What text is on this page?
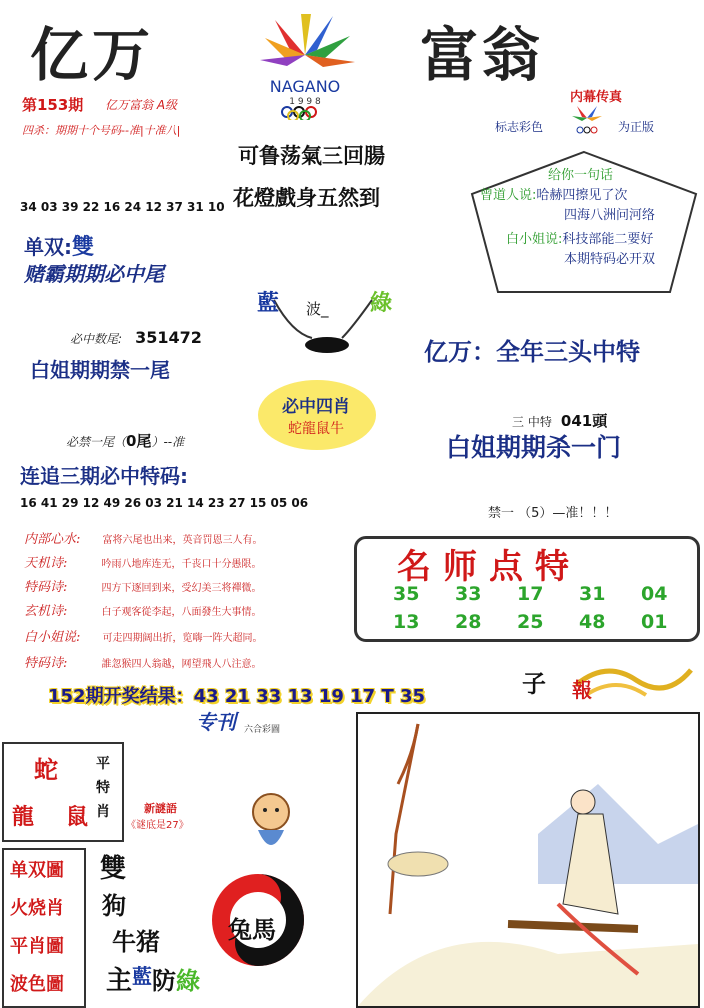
亿万	富翁
NAGANO
1 9 9 8
第153期 亿万富翁 A级
四杀：期期十个号码--准|十准八|
可鲁荡氣三回腸
花燈戲身五然到
内幕传真
标志彩色	为正版
给你一句话
曾道人说:哈赫四擦见了次
四海八洲问河络
白小姐说:科技部能二要好
本期特码必开双
34 03 39 22 16 24 12 37 31 10
单双:雙
赌霸期期必中尾
藍 波_ 綠
必中数尾: 351472
白姐期期禁一尾
亿万：全年三头中特
必中四肖
蛇龍鼠牛	三 中特 041頭
必禁一尾（0尾）--准	白姐期期杀一门
连追三期必中特码:
16 41 29 12 49 26 03 21 14 23 27 15 05 06
禁一 （5）—准！！！
内部心水: 富将六尾也出来，英音罚恩三人有。
天机诗:	吟雨八地库连无，千丧口十分愚限。
特码诗:	四方下逐回到来，受幻美三将禪微。
玄机诗:	白子观客從李起，八面發生大事情。
白小姐说: 可走四期阔出折，览嗨一阵大超同。
特码诗:	誰忽猴四人翁越，网望飛人八注意。
名师点特
35 33 17 31 04
13 28 25 48 01
152期开奖结果：43 21 33 13 19 17 T 35
专刊 六合彩圖
子 報
蛇
龍 鼠
平特肖	新謎語
《谜底是27》
单双圖
火烧肖
平肖圖
波色圖
雙
狗
牛猪	兔馬
主藍防綠
